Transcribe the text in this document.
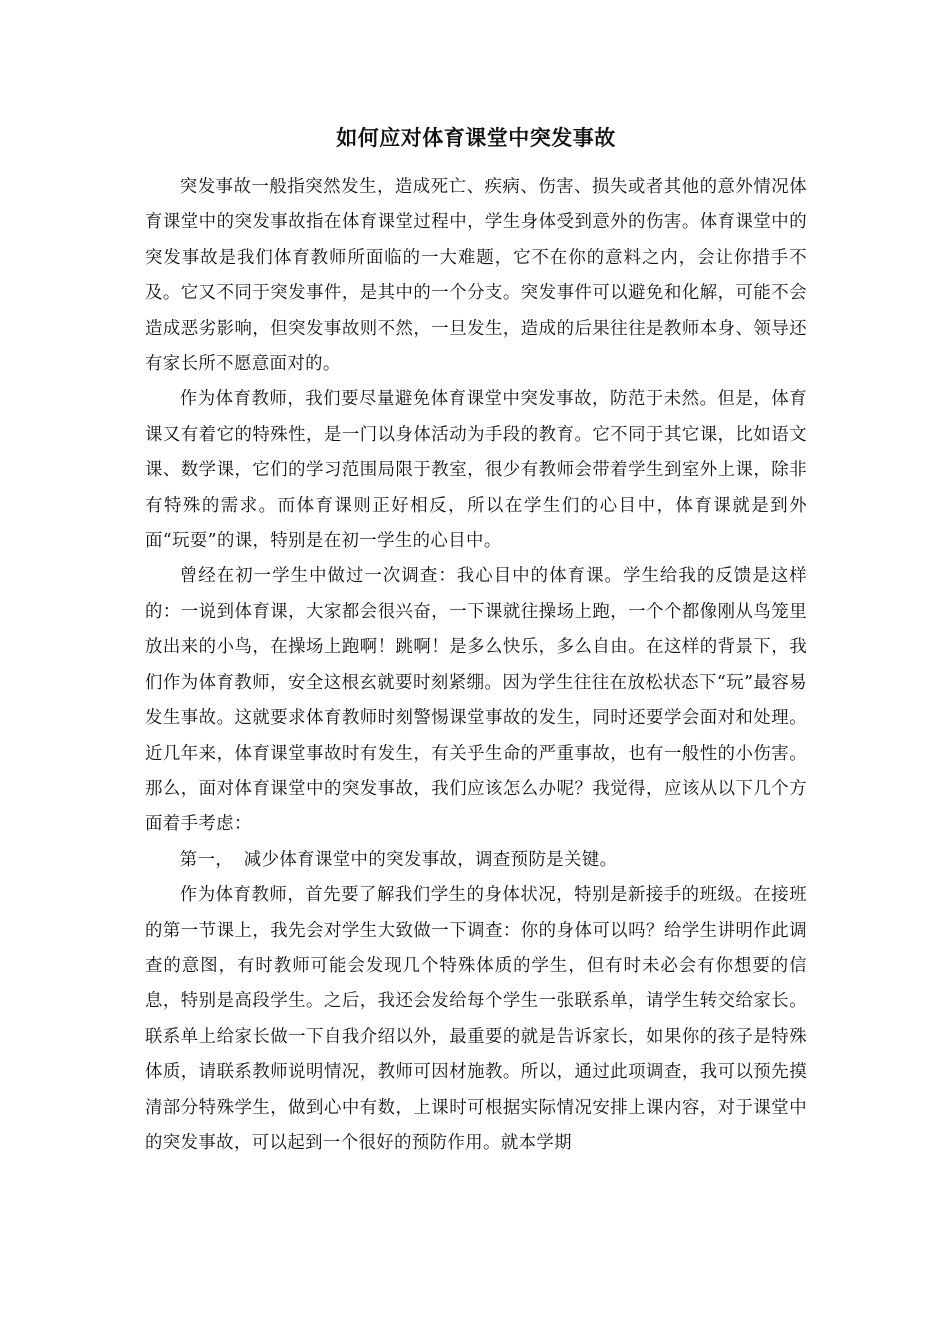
如何应对体育课堂中突发事故

突发事故一般指突然发生，造成死亡、疾病、伤害、损失或者其他的意外情况体育课堂中的突发事故指在体育课堂过程中，学生身体受到意外的伤害。体育课堂中的突发事故是我们体育教师所面临的一大难题，它不在你的意料之内，会让你措手不及。它又不同于突发事件，是其中的一个分支。突发事件可以避免和化解，可能不会造成恶劣影响，但突发事故则不然，一旦发生，造成的后果往往是教师本身、领导还有家长所不愿意面对的。

作为体育教师，我们要尽量避免体育课堂中突发事故，防范于未然。但是，体育课又有着它的特殊性，是一门以身体活动为手段的教育。它不同于其它课，比如语文课、数学课，它们的学习范围局限于教室，很少有教师会带着学生到室外上课，除非有特殊的需求。而体育课则正好相反，所以在学生们的心目中，体育课就是到外面“玩耍”的课，特别是在初一学生的心目中。

曾经在初一学生中做过一次调查：我心目中的体育课。学生给我的反馈是这样的：一说到体育课，大家都会很兴奋，一下课就往操场上跑，一个个都像刚从鸟笼里放出来的小鸟，在操场上跑啊！跳啊！是多么快乐，多么自由。在这样的背景下，我们作为体育教师，安全这根玄就要时刻紧绷。因为学生往往在放松状态下“玩”最容易发生事故。这就要求体育教师时刻警惕课堂事故的发生，同时还要学会面对和处理。近几年来，体育课堂事故时有发生，有关乎生命的严重事故，也有一般性的小伤害。那么，面对体育课堂中的突发事故，我们应该怎么办呢？我觉得，应该从以下几个方面着手考虑：

第一， 减少体育课堂中的突发事故，调查预防是关键。

作为体育教师，首先要了解我们学生的身体状况，特别是新接手的班级。在接班的第一节课上，我先会对学生大致做一下调查：你的身体可以吗？给学生讲明作此调查的意图，有时教师可能会发现几个特殊体质的学生，但有时未必会有你想要的信息，特别是高段学生。之后，我还会发给每个学生一张联系单，请学生转交给家长。联系单上给家长做一下自我介绍以外，最重要的就是告诉家长，如果你的孩子是特殊体质，请联系教师说明情况，教师可因材施教。所以，通过此项调查，我可以预先摸清部分特殊学生，做到心中有数，上课时可根据实际情况安排上课内容，对于课堂中的突发事故，可以起到一个很好的预防作用。就本学期
